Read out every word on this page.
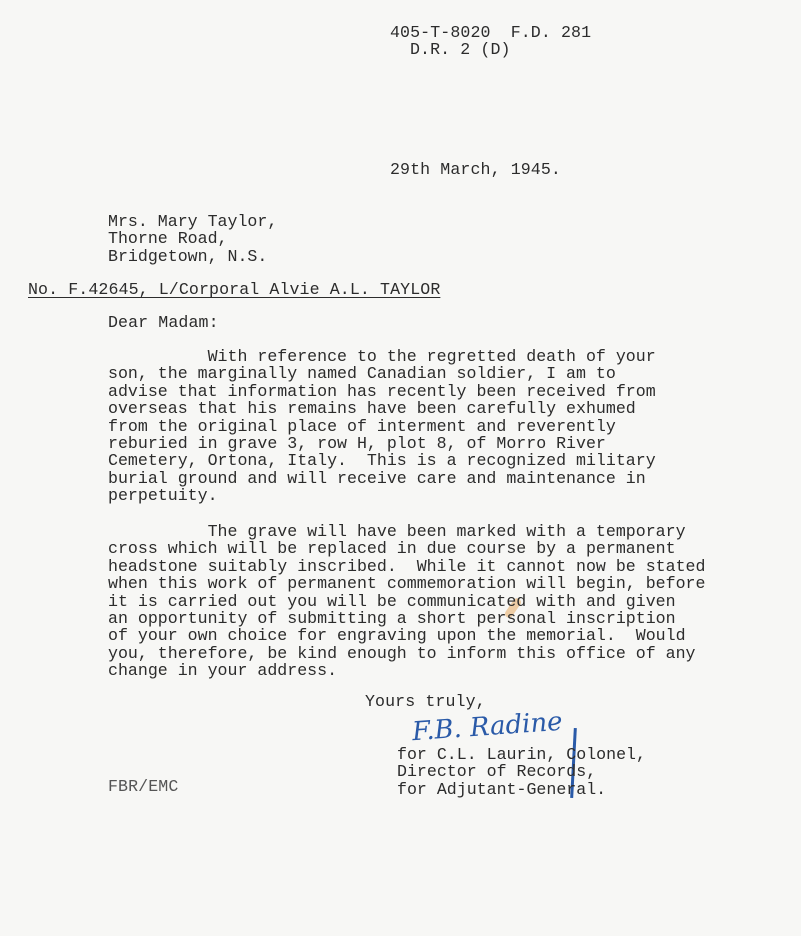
405-T-8020  F.D. 281
D.R. 2 (D)
29th March, 1945.
Mrs. Mary Taylor,
Thorne Road,
Bridgetown, N.S.
No. F.42645, L/Corporal Alvie A.L. TAYLOR
Dear Madam:
With reference to the regretted death of your
son, the marginally named Canadian soldier, I am to
advise that information has recently been received from
overseas that his remains have been carefully exhumed
from the original place of interment and reverently
reburied in grave 3, row H, plot 8, of Morro River
Cemetery, Ortona, Italy.  This is a recognized military
burial ground and will receive care and maintenance in
perpetuity.
The grave will have been marked with a temporary
cross which will be replaced in due course by a permanent
headstone suitably inscribed.  While it cannot now be stated
when this work of permanent commemoration will begin, before
it is carried out you will be communicated with and given
an opportunity of submitting a short personal inscription
of your own choice for engraving upon the memorial.  Would
you, therefore, be kind enough to inform this office of any
change in your address.
Yours truly,
F.B. Radine
for C.L. Laurin, Colonel,
Director of Records,
for Adjutant-General.
FBR/EMC
